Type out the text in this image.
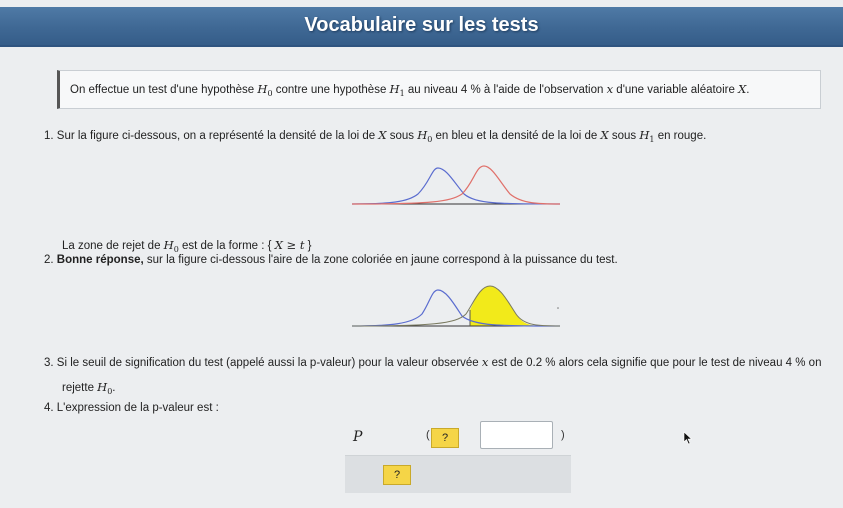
Vocabulaire sur les tests
On effectue un test d'une hypothèse $H_0$ contre une hypothèse $H_1$ au niveau 4 % à l'aide de l'observation x d'une variable aléatoire X.
1. Sur la figure ci-dessous, on a représenté la densité de la loi de X sous $H_0$ en bleu et la densité de la loi de X sous $H_1$ en rouge.
La zone de rejet de $H_0$ est de la forme : { X ≥ t }
2. Bonne réponse, sur la figure ci-dessous l'aire de la zone coloriée en jaune correspond à la puissance du test.
3. Si le seuil de signification du test (appelé aussi la p-valeur) pour la valeur observée x est de 0.2 % alors cela signifie que pour le test de niveau 4 % on
rejette $H_0$.
4. L'expression de la p-valeur est :
P	(	?	)
?
